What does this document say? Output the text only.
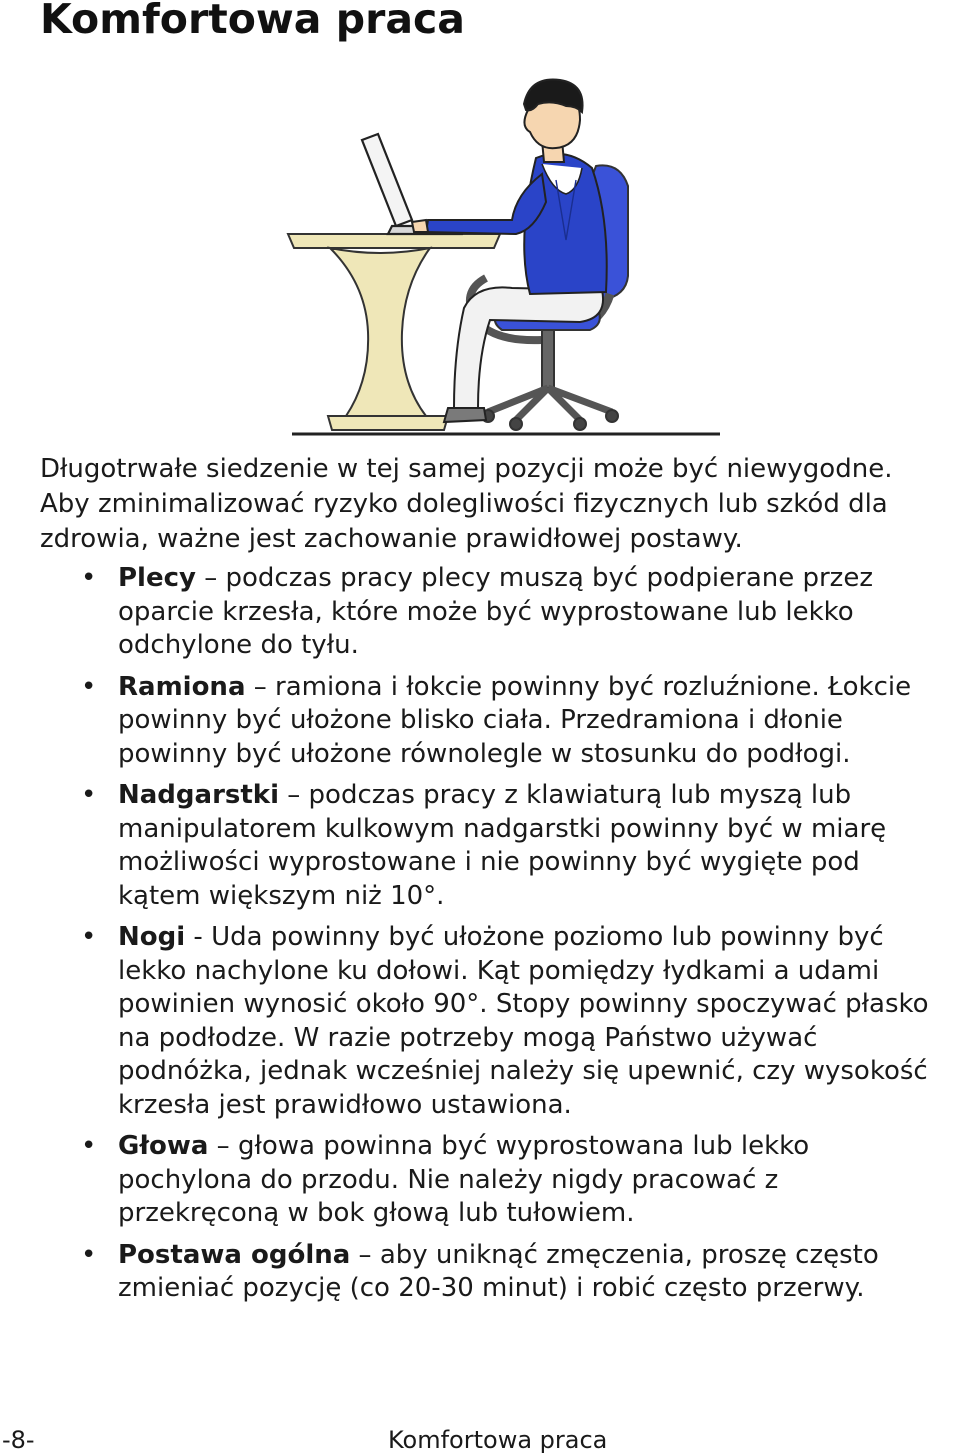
Komfortowa praca

Długotrwałe siedzenie w tej samej pozycji może być niewygodne. Aby zminimalizować ryzyko dolegliwości fizycznych lub szkód dla zdrowia, ważne jest zachowanie prawidłowej postawy.

• Plecy – podczas pracy plecy muszą być podpierane przez oparcie krzesła, które może być wyprostowane lub lekko odchylone do tyłu.
• Ramiona – ramiona i łokcie powinny być rozluźnione. Łokcie powinny być ułożone blisko ciała. Przedramiona i dłonie powinny być ułożone równolegle w stosunku do podłogi.
• Nadgarstki – podczas pracy z klawiaturą lub myszą lub manipulatorem kulkowym nadgarstki powinny być w miarę możliwości wyprostowane i nie powinny być wygięte pod kątem większym niż 10°.
• Nogi - Uda powinny być ułożone poziomo lub powinny być lekko nachylone ku dołowi. Kąt pomiędzy łydkami a udami powinien wynosić około 90°. Stopy powinny spoczywać płasko na podłodze. W razie potrzeby mogą Państwo używać podnóżka, jednak wcześniej należy się upewnić, czy wysokość krzesła jest prawidłowo ustawiona.
• Głowa – głowa powinna być wyprostowana lub lekko pochylona do przodu. Nie należy nigdy pracować z przekręconą w bok głową lub tułowiem.
• Postawa ogólna – aby uniknąć zmęczenia, proszę często zmieniać pozycję (co 20-30 minut) i robić często przerwy.
-8-	Komfortowa praca
